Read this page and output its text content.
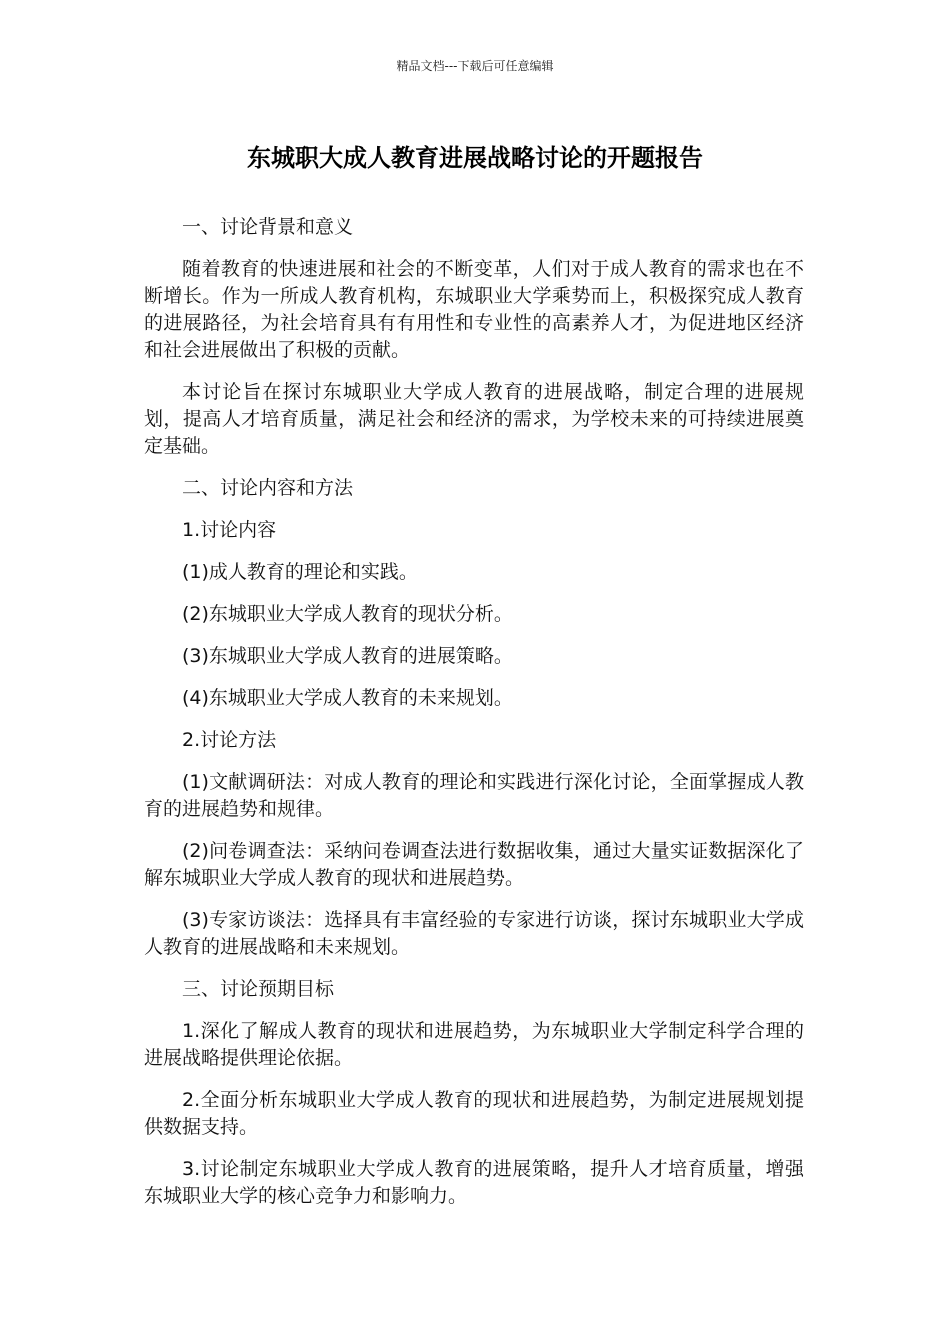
精品文档---下载后可任意编辑
东城职大成人教育进展战略讨论的开题报告

一、讨论背景和意义

随着教育的快速进展和社会的不断变革，人们对于成人教育的需求也在不断增长。作为一所成人教育机构，东城职业大学乘势而上，积极探究成人教育的进展路径，为社会培育具有有用性和专业性的高素养人才，为促进地区经济和社会进展做出了积极的贡献。

本讨论旨在探讨东城职业大学成人教育的进展战略，制定合理的进展规划，提高人才培育质量，满足社会和经济的需求，为学校未来的可持续进展奠定基础。

二、讨论内容和方法

1.讨论内容

(1)成人教育的理论和实践。

(2)东城职业大学成人教育的现状分析。

(3)东城职业大学成人教育的进展策略。

(4)东城职业大学成人教育的未来规划。

2.讨论方法

(1)文献调研法：对成人教育的理论和实践进行深化讨论，全面掌握成人教育的进展趋势和规律。

(2)问卷调查法：采纳问卷调查法进行数据收集，通过大量实证数据深化了解东城职业大学成人教育的现状和进展趋势。

(3)专家访谈法：选择具有丰富经验的专家进行访谈，探讨东城职业大学成人教育的进展战略和未来规划。

三、讨论预期目标

1.深化了解成人教育的现状和进展趋势，为东城职业大学制定科学合理的进展战略提供理论依据。

2.全面分析东城职业大学成人教育的现状和进展趋势，为制定进展规划提供数据支持。

3.讨论制定东城职业大学成人教育的进展策略，提升人才培育质量，增强东城职业大学的核心竞争力和影响力。
